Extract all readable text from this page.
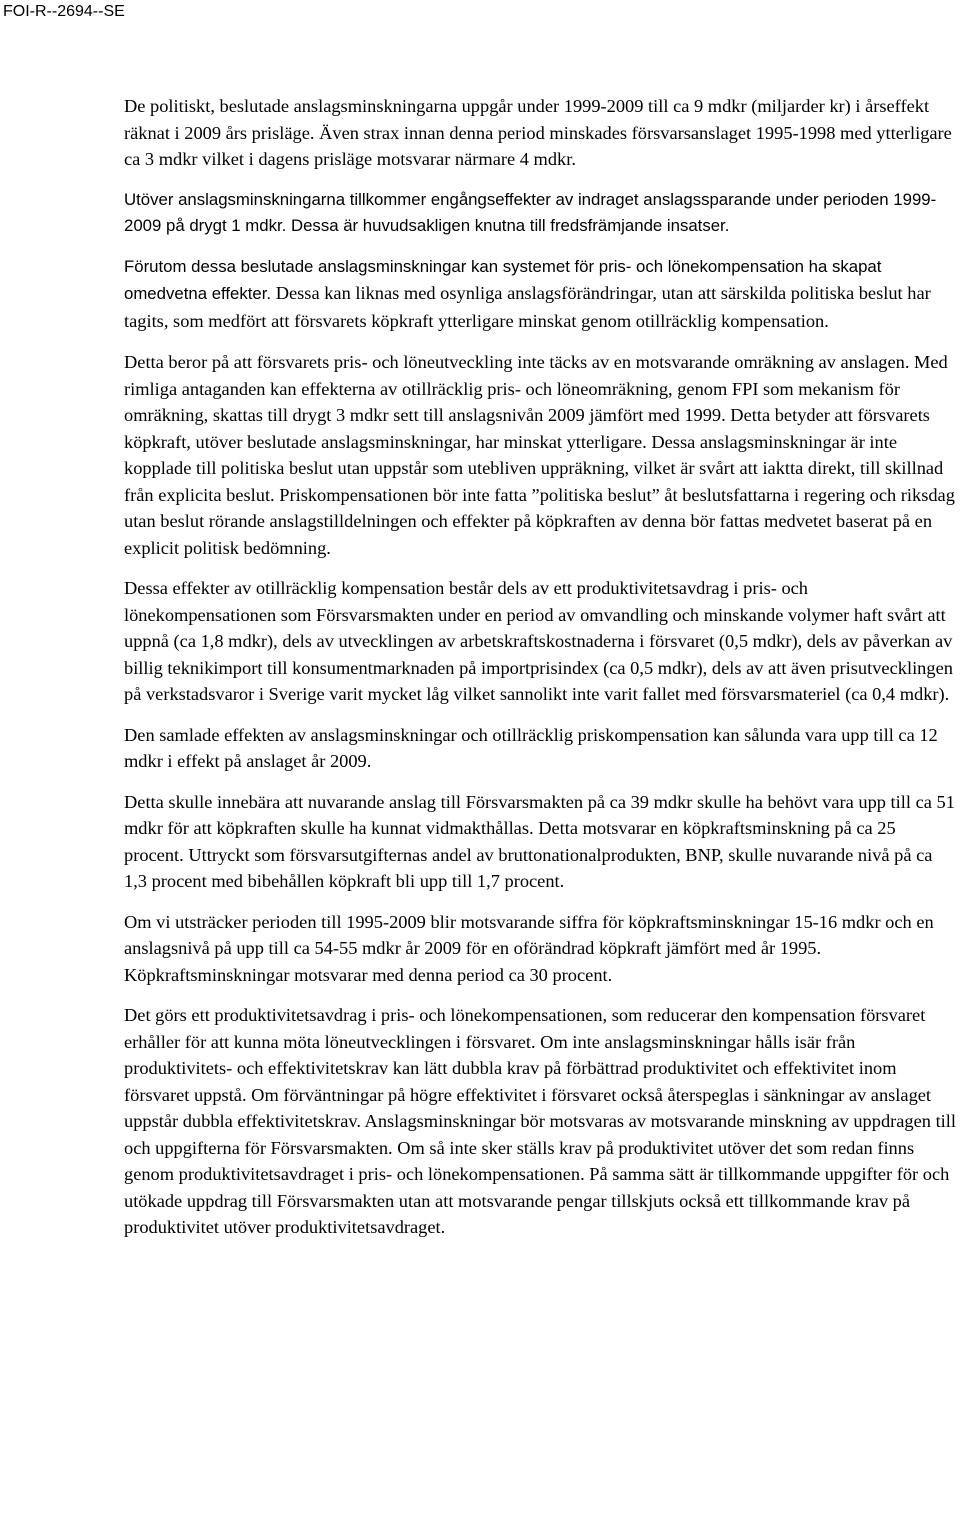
FOI-R--2694--SE

De politiskt, beslutade anslagsminskningarna uppgår under 1999-2009 till ca 9 mdkr (miljarder kr) i årseffekt räknat i 2009 års prisläge. Även strax innan denna period minskades försvarsanslaget 1995-1998 med ytterligare ca 3 mdkr vilket i dagens prisläge motsvarar närmare 4 mdkr.

Utöver anslagsminskningarna tillkommer engångseffekter av indraget anslagssparande under perioden 1999-2009 på drygt 1 mdkr. Dessa är huvudsakligen knutna till fredsfrämjande insatser.

Förutom dessa beslutade anslagsminskningar kan systemet för pris- och lönekompensation ha skapat omedvetna effekter. Dessa kan liknas med osynliga anslagsförändringar, utan att särskilda politiska beslut har tagits, som medfört att försvarets köpkraft ytterligare minskat genom otillräcklig kompensation.

Detta beror på att försvarets pris- och löneutveckling inte täcks av en motsvarande omräkning av anslagen. Med rimliga antaganden kan effekterna av otillräcklig pris- och löneomräkning, genom FPI som mekanism för omräkning, skattas till drygt 3 mdkr sett till anslagsnivån 2009 jämfört med 1999. Detta betyder att försvarets köpkraft, utöver beslutade anslagsminskningar, har minskat ytterligare. Dessa anslagsminskningar är inte kopplade till politiska beslut utan uppstår som utebliven uppräkning, vilket är svårt att iaktta direkt, till skillnad från explicita beslut. Priskompensationen bör inte fatta ”politiska beslut” åt beslutsfattarna i regering och riksdag utan beslut rörande anslagstilldelningen och effekter på köpkraften av denna bör fattas medvetet baserat på en explicit politisk bedömning.

Dessa effekter av otillräcklig kompensation består dels av ett produktivitetsavdrag i pris- och lönekompensationen som Försvarsmakten under en period av omvandling och minskande volymer haft svårt att uppnå (ca 1,8 mdkr), dels av utvecklingen av arbetskraftskostnaderna i försvaret (0,5 mdkr), dels av påverkan av billig teknikimport till konsumentmarknaden på importprisindex (ca 0,5 mdkr), dels av att även prisutvecklingen på verkstadsvaror i Sverige varit mycket låg vilket sannolikt inte varit fallet med försvarsmateriel (ca 0,4 mdkr).

Den samlade effekten av anslagsminskningar och otillräcklig priskompensation kan sålunda vara upp till ca 12 mdkr i effekt på anslaget år 2009.

Detta skulle innebära att nuvarande anslag till Försvarsmakten på ca 39 mdkr skulle ha behövt vara upp till ca 51 mdkr för att köpkraften skulle ha kunnat vidmakthållas. Detta motsvarar en köpkraftsminskning på ca 25 procent. Uttryckt som försvarsutgifternas andel av bruttonationalprodukten, BNP, skulle nuvarande nivå på ca 1,3 procent med bibehållen köpkraft bli upp till 1,7 procent.

Om vi utsträcker perioden till 1995-2009 blir motsvarande siffra för köpkraftsminskningar 15-16 mdkr och en anslagsnivå på upp till ca 54-55 mdkr år 2009 för en oförändrad köpkraft jämfört med år 1995. Köpkraftsminskningar motsvarar med denna period ca 30 procent.

Det görs ett produktivitetsavdrag i pris- och lönekompensationen, som reducerar den kompensation försvaret erhåller för att kunna möta löneutvecklingen i försvaret. Om inte anslagsminskningar hålls isär från produktivitets- och effektivitetskrav kan lätt dubbla krav på förbättrad produktivitet och effektivitet inom försvaret uppstå. Om förväntningar på högre effektivitet i försvaret också återspeglas i sänkningar av anslaget uppstår dubbla effektivitetskrav. Anslagsminskningar bör motsvaras av motsvarande minskning av uppdragen till och uppgifterna för Försvarsmakten. Om så inte sker ställs krav på produktivitet utöver det som redan finns genom produktivitetsavdraget i pris- och lönekompensationen. På samma sätt är tillkommande uppgifter för och utökade uppdrag till Försvarsmakten utan att motsvarande pengar tillskjuts också ett tillkommande krav på produktivitet utöver produktivitetsavdraget.
